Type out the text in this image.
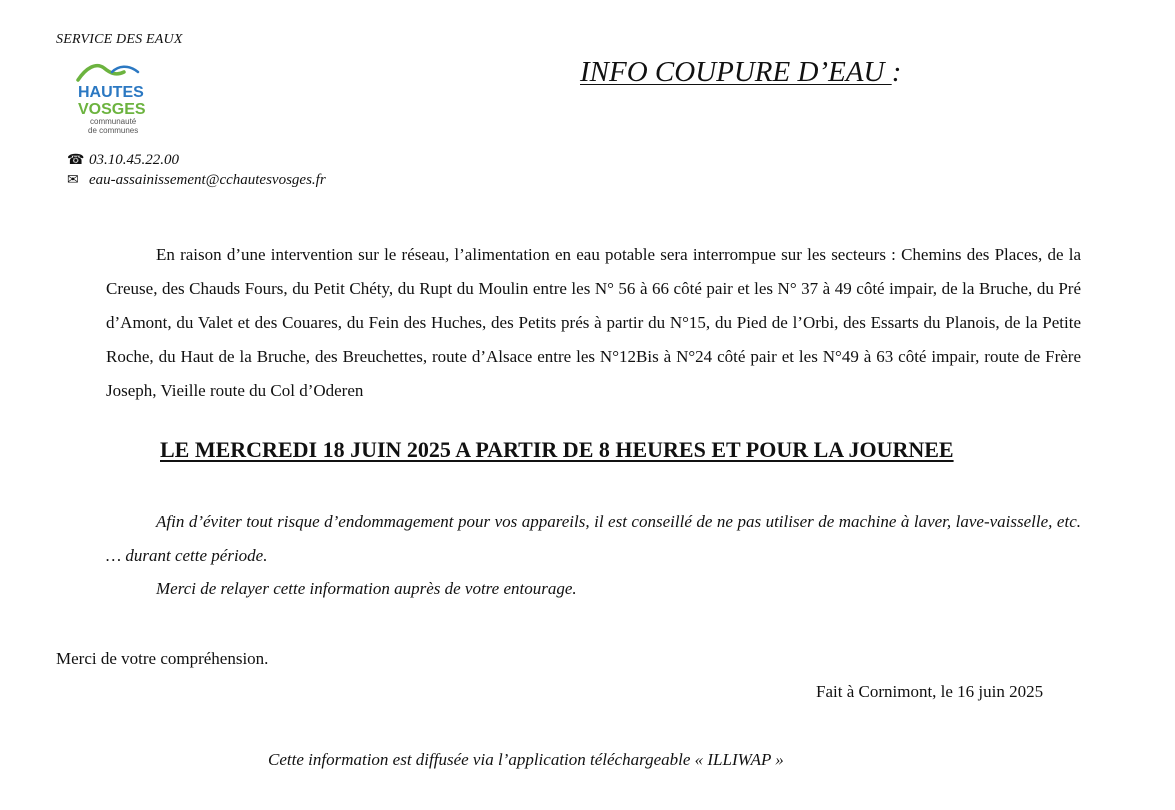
SERVICE DES EAUX
HAUTES
VOSGES
communauté
de communes
☎ 03.10.45.22.00
✉ eau-assainissement@cchautesvosges.fr
INFO COUPURE D’EAU :
En raison d’une intervention sur le réseau, l’alimentation en eau potable sera interrompue sur les secteurs : Chemins des Places, de la Creuse, des Chauds Fours, du Petit Chéty, du Rupt du Moulin entre les N° 56 à 66 côté pair et les N° 37 à 49 côté impair, de la Bruche, du Pré d’Amont, du Valet et des Couares, du Fein des Huches, des Petits prés à partir du N°15, du Pied de l’Orbi, des Essarts du Planois, de la Petite Roche, du Haut de la Bruche, des Breuchettes, route d’Alsace entre les N°12Bis à N°24 côté pair et les N°49 à 63 côté impair, route de Frère Joseph, Vieille route du Col d’Oderen
LE MERCREDI 18 JUIN 2025 A PARTIR DE 8 HEURES ET POUR LA JOURNEE
Afin d’éviter tout risque d’endommagement pour vos appareils, il est conseillé de ne pas utiliser de machine à laver, lave-vaisselle, etc. … durant cette période.
Merci de relayer cette information auprès de votre entourage.
Merci de votre compréhension.
Fait à Cornimont, le 16 juin 2025
Cette information est diffusée via l’application téléchargeable « ILLIWAP »
